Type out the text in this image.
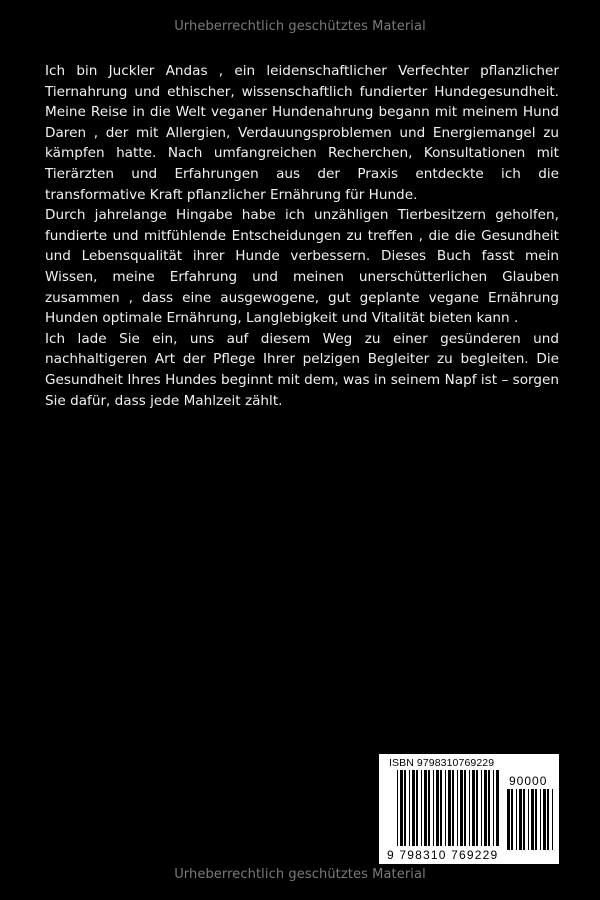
Urheberrechtlich geschütztes Material

Ich bin Juckler Andas , ein leidenschaftlicher Verfechter pflanzlicher Tiernahrung und ethischer, wissenschaftlich fundierter Hundegesundheit. Meine Reise in die Welt veganer Hundenahrung begann mit meinem Hund Daren , der mit Allergien, Verdauungsproblemen und Energiemangel zu kämpfen hatte. Nach umfangreichen Recherchen, Konsultationen mit Tierärzten und Erfahrungen aus der Praxis entdeckte ich die transformative Kraft pflanzlicher Ernährung für Hunde.

Durch jahrelange Hingabe habe ich unzähligen Tierbesitzern geholfen, fundierte und mitfühlende Entscheidungen zu treffen , die die Gesundheit und Lebensqualität ihrer Hunde verbessern. Dieses Buch fasst mein Wissen, meine Erfahrung und meinen unerschütterlichen Glauben zusammen , dass eine ausgewogene, gut geplante vegane Ernährung Hunden optimale Ernährung, Langlebigkeit und Vitalität bieten kann .

Ich lade Sie ein, uns auf diesem Weg zu einer gesünderen und nachhaltigeren Art der Pflege Ihrer pelzigen Begleiter zu begleiten. Die Gesundheit Ihres Hundes beginnt mit dem, was in seinem Napf ist – sorgen Sie dafür, dass jede Mahlzeit zählt.

ISBN 9798310769229
9 798310 769229
90000
Urheberrechtlich geschütztes Material
